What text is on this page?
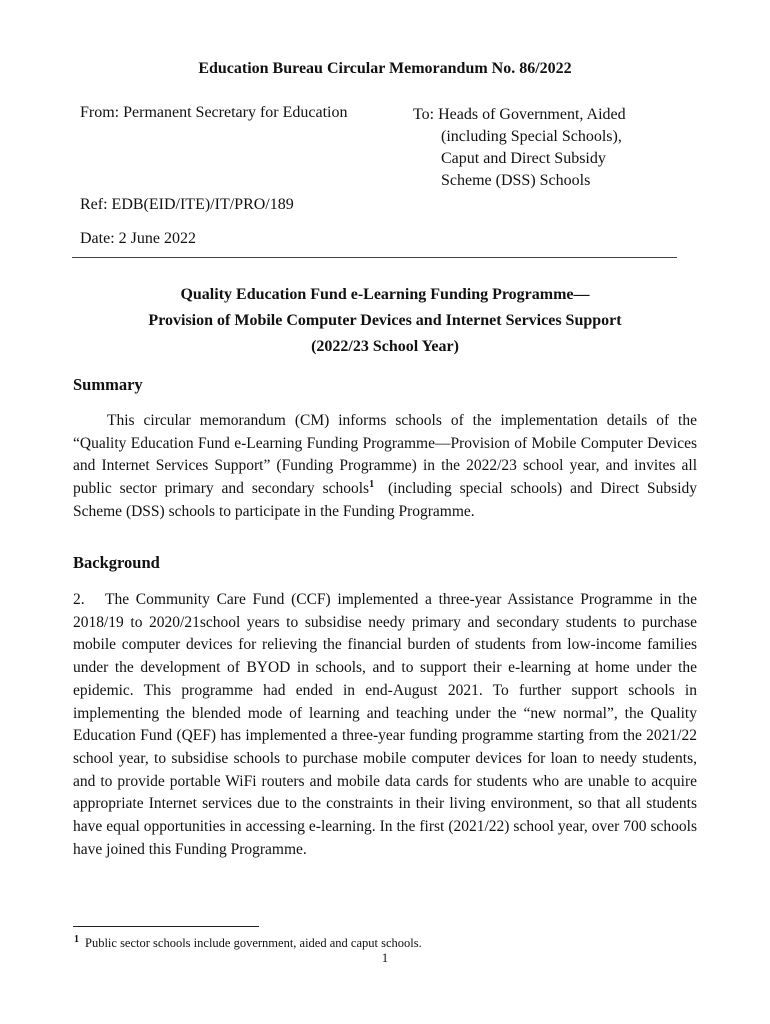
Education Bureau Circular Memorandum No. 86/2022
From: Permanent Secretary for Education	To: Heads of Government, Aided
(including Special Schools),
Caput and Direct Subsidy
Scheme (DSS) Schools
Ref: EDB(EID/ITE)/IT/PRO/189
Date: 2 June 2022
Quality Education Fund e-Learning Funding Programme—
Provision of Mobile Computer Devices and Internet Services Support
(2022/23 School Year)
Summary

This circular memorandum (CM) informs schools of the implementation details of the “Quality Education Fund e-Learning Funding Programme—Provision of Mobile Computer Devices and Internet Services Support” (Funding Programme) in the 2022/23 school year, and invites all public sector primary and secondary schools$^1$ (including special schools) and Direct Subsidy Scheme (DSS) schools to participate in the Funding Programme.

Background

2. The Community Care Fund (CCF) implemented a three-year Assistance Programme in the 2018/19 to 2020/21school years to subsidise needy primary and secondary students to purchase mobile computer devices for relieving the financial burden of students from low-income families under the development of BYOD in schools, and to support their e-learning at home under the epidemic. This programme had ended in end-August 2021. To further support schools in implementing the blended mode of learning and teaching under the “new normal”, the Quality Education Fund (QEF) has implemented a three-year funding programme starting from the 2021/22 school year, to subsidise schools to purchase mobile computer devices for loan to needy students, and to provide portable WiFi routers and mobile data cards for students who are unable to acquire appropriate Internet services due to the constraints in their living environment, so that all students have equal opportunities in accessing e-learning. In the first (2021/22) school year, over 700 schools have joined this Funding Programme.

$^1$ Public sector schools include government, aided and caput schools.
1
